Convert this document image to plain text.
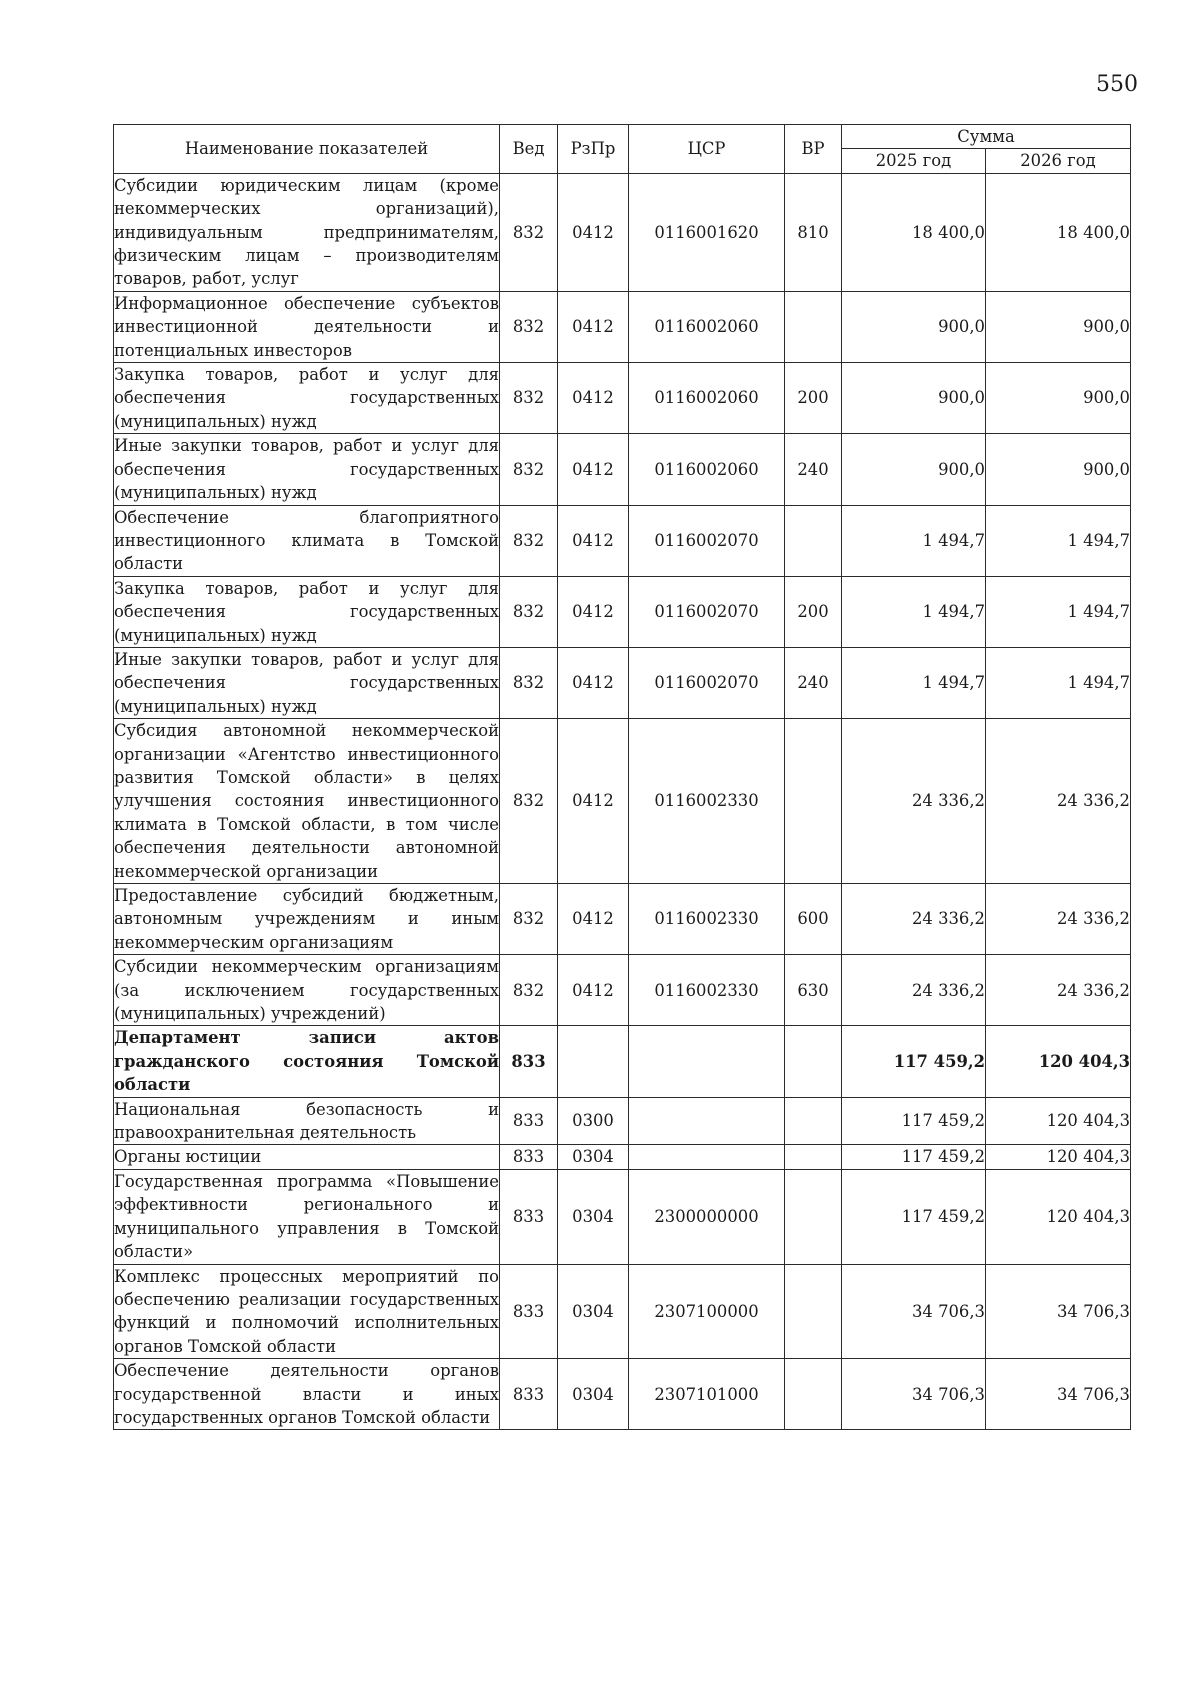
550
Наименование показателей	Вед	РзПр	ЦСР	ВР	Сумма	
					2025 год	2026 год

Субсидии юридическим лицам (кроме некоммерческих организаций), индивидуальным предпринимателям, физическим лицам – производителям товаров, работ, услуг	832	0412	0116001620	810	18 400,0	18 400,0

Информационное обеспечение субъектов инвестиционной деятельности и потенциальных инвесторов	832	0412	0116002060		900,0	900,0

Закупка товаров, работ и услуг для обеспечения государственных (муниципальных) нужд	832	0412	0116002060	200	900,0	900,0

Иные закупки товаров, работ и услуг для обеспечения государственных (муниципальных) нужд	832	0412	0116002060	240	900,0	900,0

Обеспечение благоприятного инвестиционного климата в Томской области	832	0412	0116002070		1 494,7	1 494,7

Закупка товаров, работ и услуг для обеспечения государственных (муниципальных) нужд	832	0412	0116002070	200	1 494,7	1 494,7

Иные закупки товаров, работ и услуг для обеспечения государственных (муниципальных) нужд	832	0412	0116002070	240	1 494,7	1 494,7

Субсидия автономной некоммерческой организации «Агентство инвестиционного развития Томской области» в целях улучшения состояния инвестиционного климата в Томской области, в том числе обеспечения деятельности автономной некоммерческой организации	832	0412	0116002330		24 336,2	24 336,2

Предоставление субсидий бюджетным, автономным учреждениям и иным некоммерческим организациям	832	0412	0116002330	600	24 336,2	24 336,2

Субсидии некоммерческим организациям (за исключением государственных (муниципальных) учреждений)	832	0412	0116002330	630	24 336,2	24 336,2

Департамент записи актов гражданского состояния Томской области	833				117 459,2	120 404,3

Национальная безопасность и правоохранительная деятельность	833	0300			117 459,2	120 404,3

Органы юстиции	833	0304			117 459,2	120 404,3

Государственная программа «Повышение эффективности регионального и муниципального управления в Томской области»	833	0304	2300000000		117 459,2	120 404,3

Комплекс процессных мероприятий по обеспечению реализации государственных функций и полномочий исполнительных органов Томской области	833	0304	2307100000		34 706,3	34 706,3

Обеспечение деятельности органов государственной власти и иных государственных органов Томской области	833	0304	2307101000		34 706,3	34 706,3
